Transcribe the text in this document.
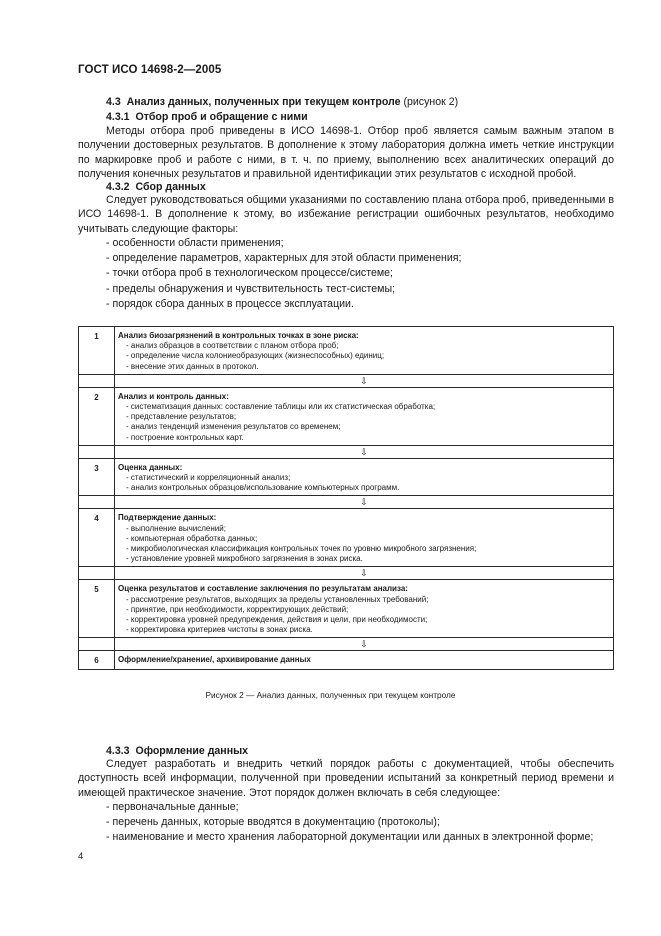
ГОСТ ИСО 14698-2—2005
4.3 Анализ данных, полученных при текущем контроле (рисунок 2)
4.3.1 Отбор проб и обращение с ними

Методы отбора проб приведены в ИСО 14698-1. Отбор проб является самым важным этапом в получении достоверных результатов. В дополнение к этому лаборатория должна иметь четкие инструкции по маркировке проб и работе с ними, в т. ч. по приему, выполнению всех аналитических операций до получения конечных результатов и правильной идентификации этих результатов с исходной пробой.

4.3.2 Сбор данных

Следует руководствоваться общими указаниями по составлению плана отбора проб, приведенными в ИСО 14698-1. В дополнение к этому, во избежание регистрации ошибочных результатов, необходимо учитывать следующие факторы:

- особенности области применения;
- определение параметров, характерных для этой области применения;
- точки отбора проб в технологическом процессе/системе;
- пределы обнаружения и чувствительность тест-системы;
- порядок сбора данных в процессе эксплуатации.
1	Анализ биозагрязнений в контрольных точках в зоне риска:
- анализ образцов в соответствии с планом отбора проб;
- определение числа колониеобразующих (жизнеспособных) единиц;
- внесение этих данных в протокол.

	⇩
2	Анализ и контроль данных:
- систематизация данных: составление таблицы или их статистическая обработка;
- представление результатов;
- анализ тенденций изменения результатов со временем;
- построение контрольных карт.

	⇩
3	Оценка данных:
- статистический и корреляционный анализ;
- анализ контрольных образцов/использование компьютерных программ.

	⇩
4	Подтверждение данных:
- выполнение вычислений;
- компьютерная обработка данных;
- микробиологическая классификация контрольных точек по уровню микробного загрязнения;
- установление уровней микробного загрязнения в зонах риска.

	⇩
5	Оценка результатов и составление заключения по результатам анализа:
- рассмотрение результатов, выходящих за пределы установленных требований;
- принятие, при необходимости, корректирующих действий;
- корректировка уровней предупреждения, действия и цели, при необходимости;
- корректировка критериев чистоты в зонах риска.

	⇩
6	Оформление/хранение/, архивирование данных
Рисунок 2 — Анализ данных, полученных при текущем контроле
4.3.3 Оформление данных

Следует разработать и внедрить четкий порядок работы с документацией, чтобы обеспечить доступность всей информации, полученной при проведении испытаний за конкретный период времени и имеющей практическое значение. Этот порядок должен включать в себя следующее:

- первоначальные данные;
- перечень данных, которые вводятся в документацию (протоколы);
- наименование и место хранения лабораторной документации или данных в электронной форме;
4
